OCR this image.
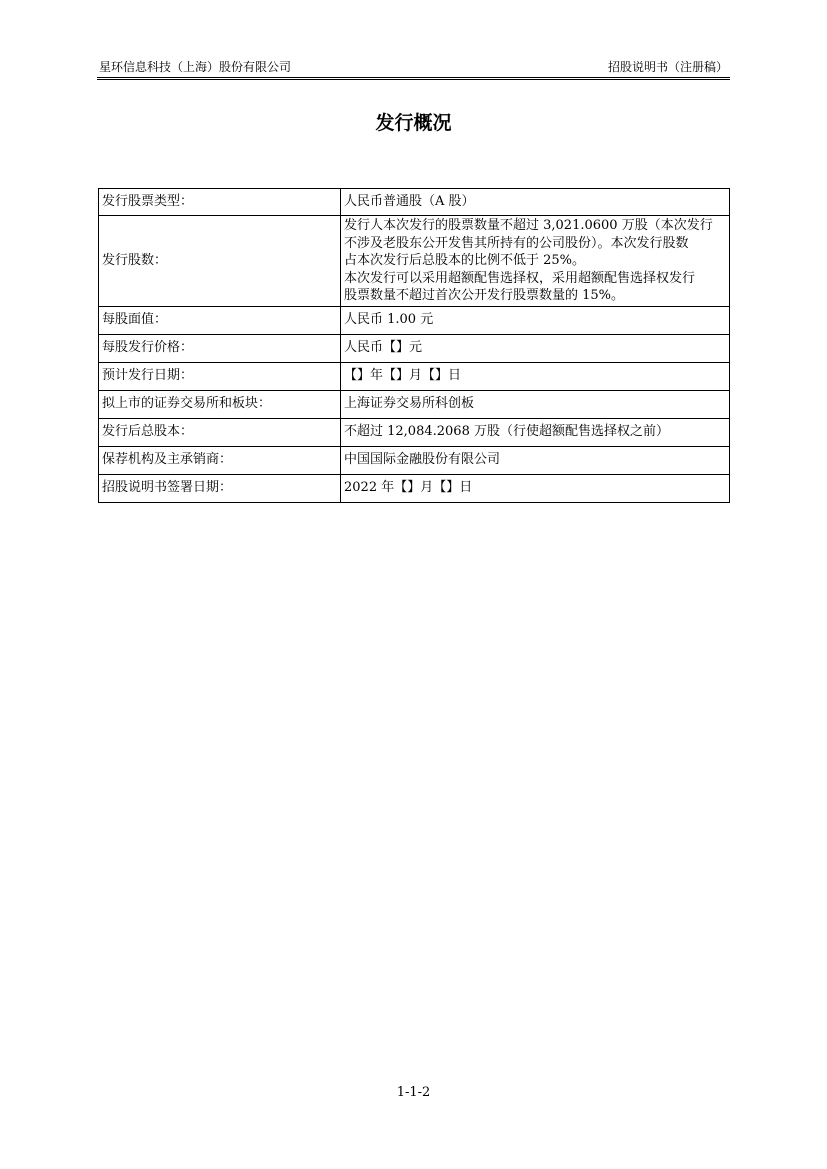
星环信息科技（上海）股份有限公司	招股说明书（注册稿）
发行概况
发行股票类型：	人民币普通股（A 股）
发行股数：	发行人本次发行的股票数量不超过 3,021.0600 万股（本次发行
不涉及老股东公开发售其所持有的公司股份）。本次发行股数
占本次发行后总股本的比例不低于 25%。
本次发行可以采用超额配售选择权，采用超额配售选择权发行
股票数量不超过首次公开发行股票数量的 15%。

每股面值：	人民币 1.00 元
每股发行价格：	人民币【】元
预计发行日期：	【】年【】月【】日
拟上市的证券交易所和板块：	上海证券交易所科创板
发行后总股本：	不超过 12,084.2068 万股（行使超额配售选择权之前）
保荐机构及主承销商：	中国国际金融股份有限公司
招股说明书签署日期：	2022 年【】月【】日
1-1-2
